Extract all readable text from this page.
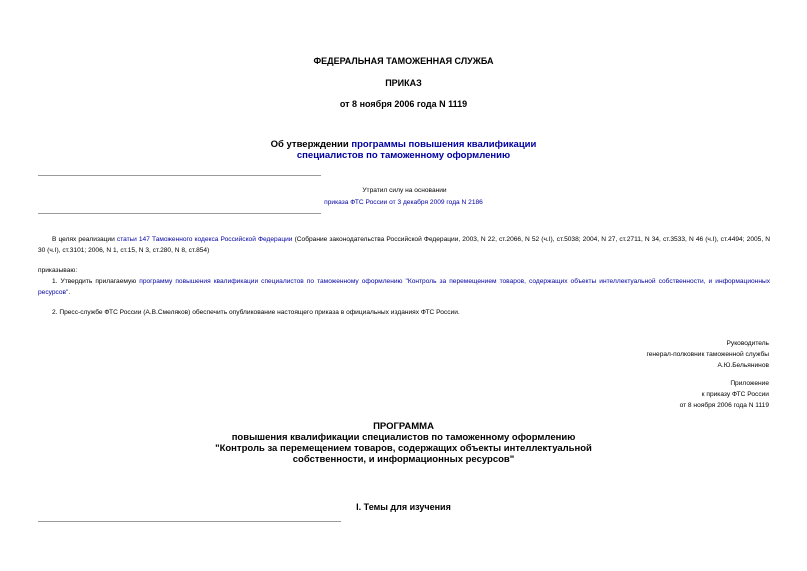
ФЕДЕРАЛЬНАЯ ТАМОЖЕННАЯ СЛУЖБА
ПРИКАЗ
от 8 ноября 2006 года N 1119
Об утверждении программы повышения квалификации
специалистов по таможенному оформлению
Утратил силу на основании
приказа ФТС России от 3 декабря 2009 года N 2186
В целях реализации статьи 147 Таможенного кодекса Российской Федерации (Собрание законодательства Российской Федерации, 2003, N 22, ст.2066, N 52 (ч.I), ст.5038; 2004, N 27, ст.2711, N 34, ст.3533, N 46 (ч.I), ст.4494; 2005, N 30 (ч.I), ст.3101; 2006, N 1, ст.15, N 3, ст.280, N 8, ст.854)
приказываю:
1. Утвердить прилагаемую программу повышения квалификации специалистов по таможенному оформлению "Контроль за перемещением товаров, содержащих объекты интеллектуальной собственности, и информационных ресурсов".
2. Пресс-службе ФТС России (А.В.Смеляков) обеспечить опубликование настоящего приказа в официальных изданиях ФТС России.
Руководитель
генерал-полковник таможенной службы
А.Ю.Бельянинов
Приложение
к приказу ФТС России
от 8 ноября 2006 года N 1119
ПРОГРАММА
повышения квалификации специалистов по таможенному оформлению
"Контроль за перемещением товаров, содержащих объекты интеллектуальной
собственности, и информационных ресурсов"
I. Темы для изучения
